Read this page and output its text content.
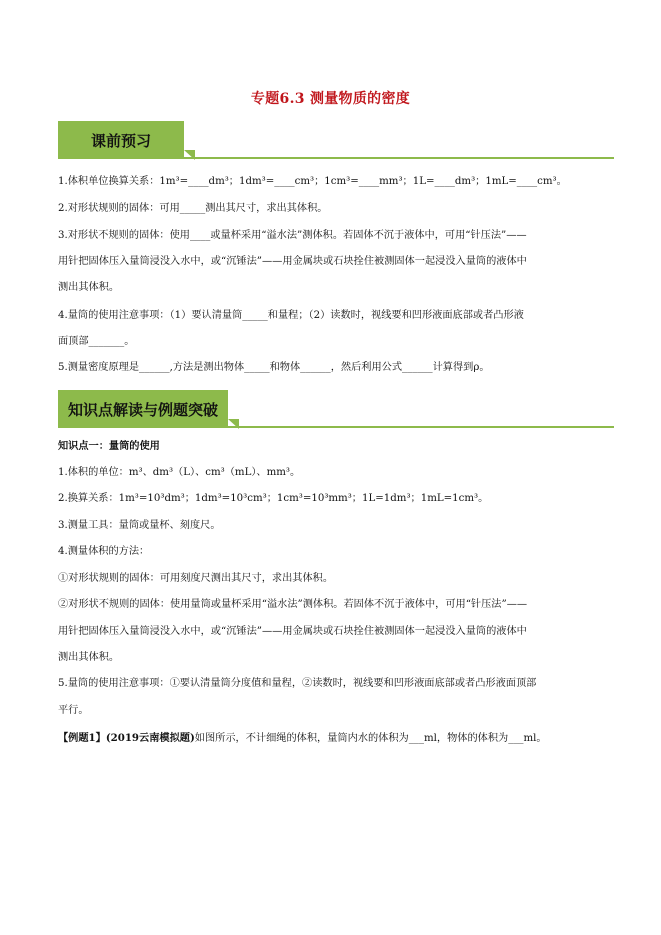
专题6.3 测量物质的密度
课前预习
1.体积单位换算关系：1m³=____dm³；1dm³=____cm³；1cm³=____mm³；1L=____dm³；1mL=____cm³。
2.对形状规则的固体：可用_____测出其尺寸，求出其体积。
3.对形状不规则的固体：使用____或量杯采用“溢水法”测体积。若固体不沉于液体中，可用“针压法”——
用针把固体压入量筒浸没入水中，或“沉锤法”——用金属块或石块拴住被测固体一起浸没入量筒的液体中
测出其体积。
4.量筒的使用注意事项：（1）要认清量筒_____和量程；（2）读数时，视线要和凹形液面底部或者凸形液
面顶部_______。
5.测量密度原理是______,方法是测出物体_____和物体______，然后利用公式______计算得到ρ。
知识点解读与例题突破
知识点一：量筒的使用
1.体积的单位：m³、dm³（L）、cm³（mL）、mm³。
2.换算关系：1m³=10³dm³；1dm³=10³cm³；1cm³=10³mm³；1L=1dm³；1mL=1cm³。
3.测量工具：量筒或量杯、刻度尺。
4.测量体积的方法：
①对形状规则的固体：可用刻度尺测出其尺寸，求出其体积。
②对形状不规则的固体：使用量筒或量杯采用“溢水法”测体积。若固体不沉于液体中，可用“针压法”——
用针把固体压入量筒浸没入水中，或“沉锤法”——用金属块或石块拴住被测固体一起浸没入量筒的液体中
测出其体积。
5.量筒的使用注意事项：①要认清量筒分度值和量程，②读数时，视线要和凹形液面底部或者凸形液面顶部
平行。
【例题1】(2019云南模拟题)如图所示，不计细绳的体积，量筒内水的体积为___ml，物体的体积为___ml。
